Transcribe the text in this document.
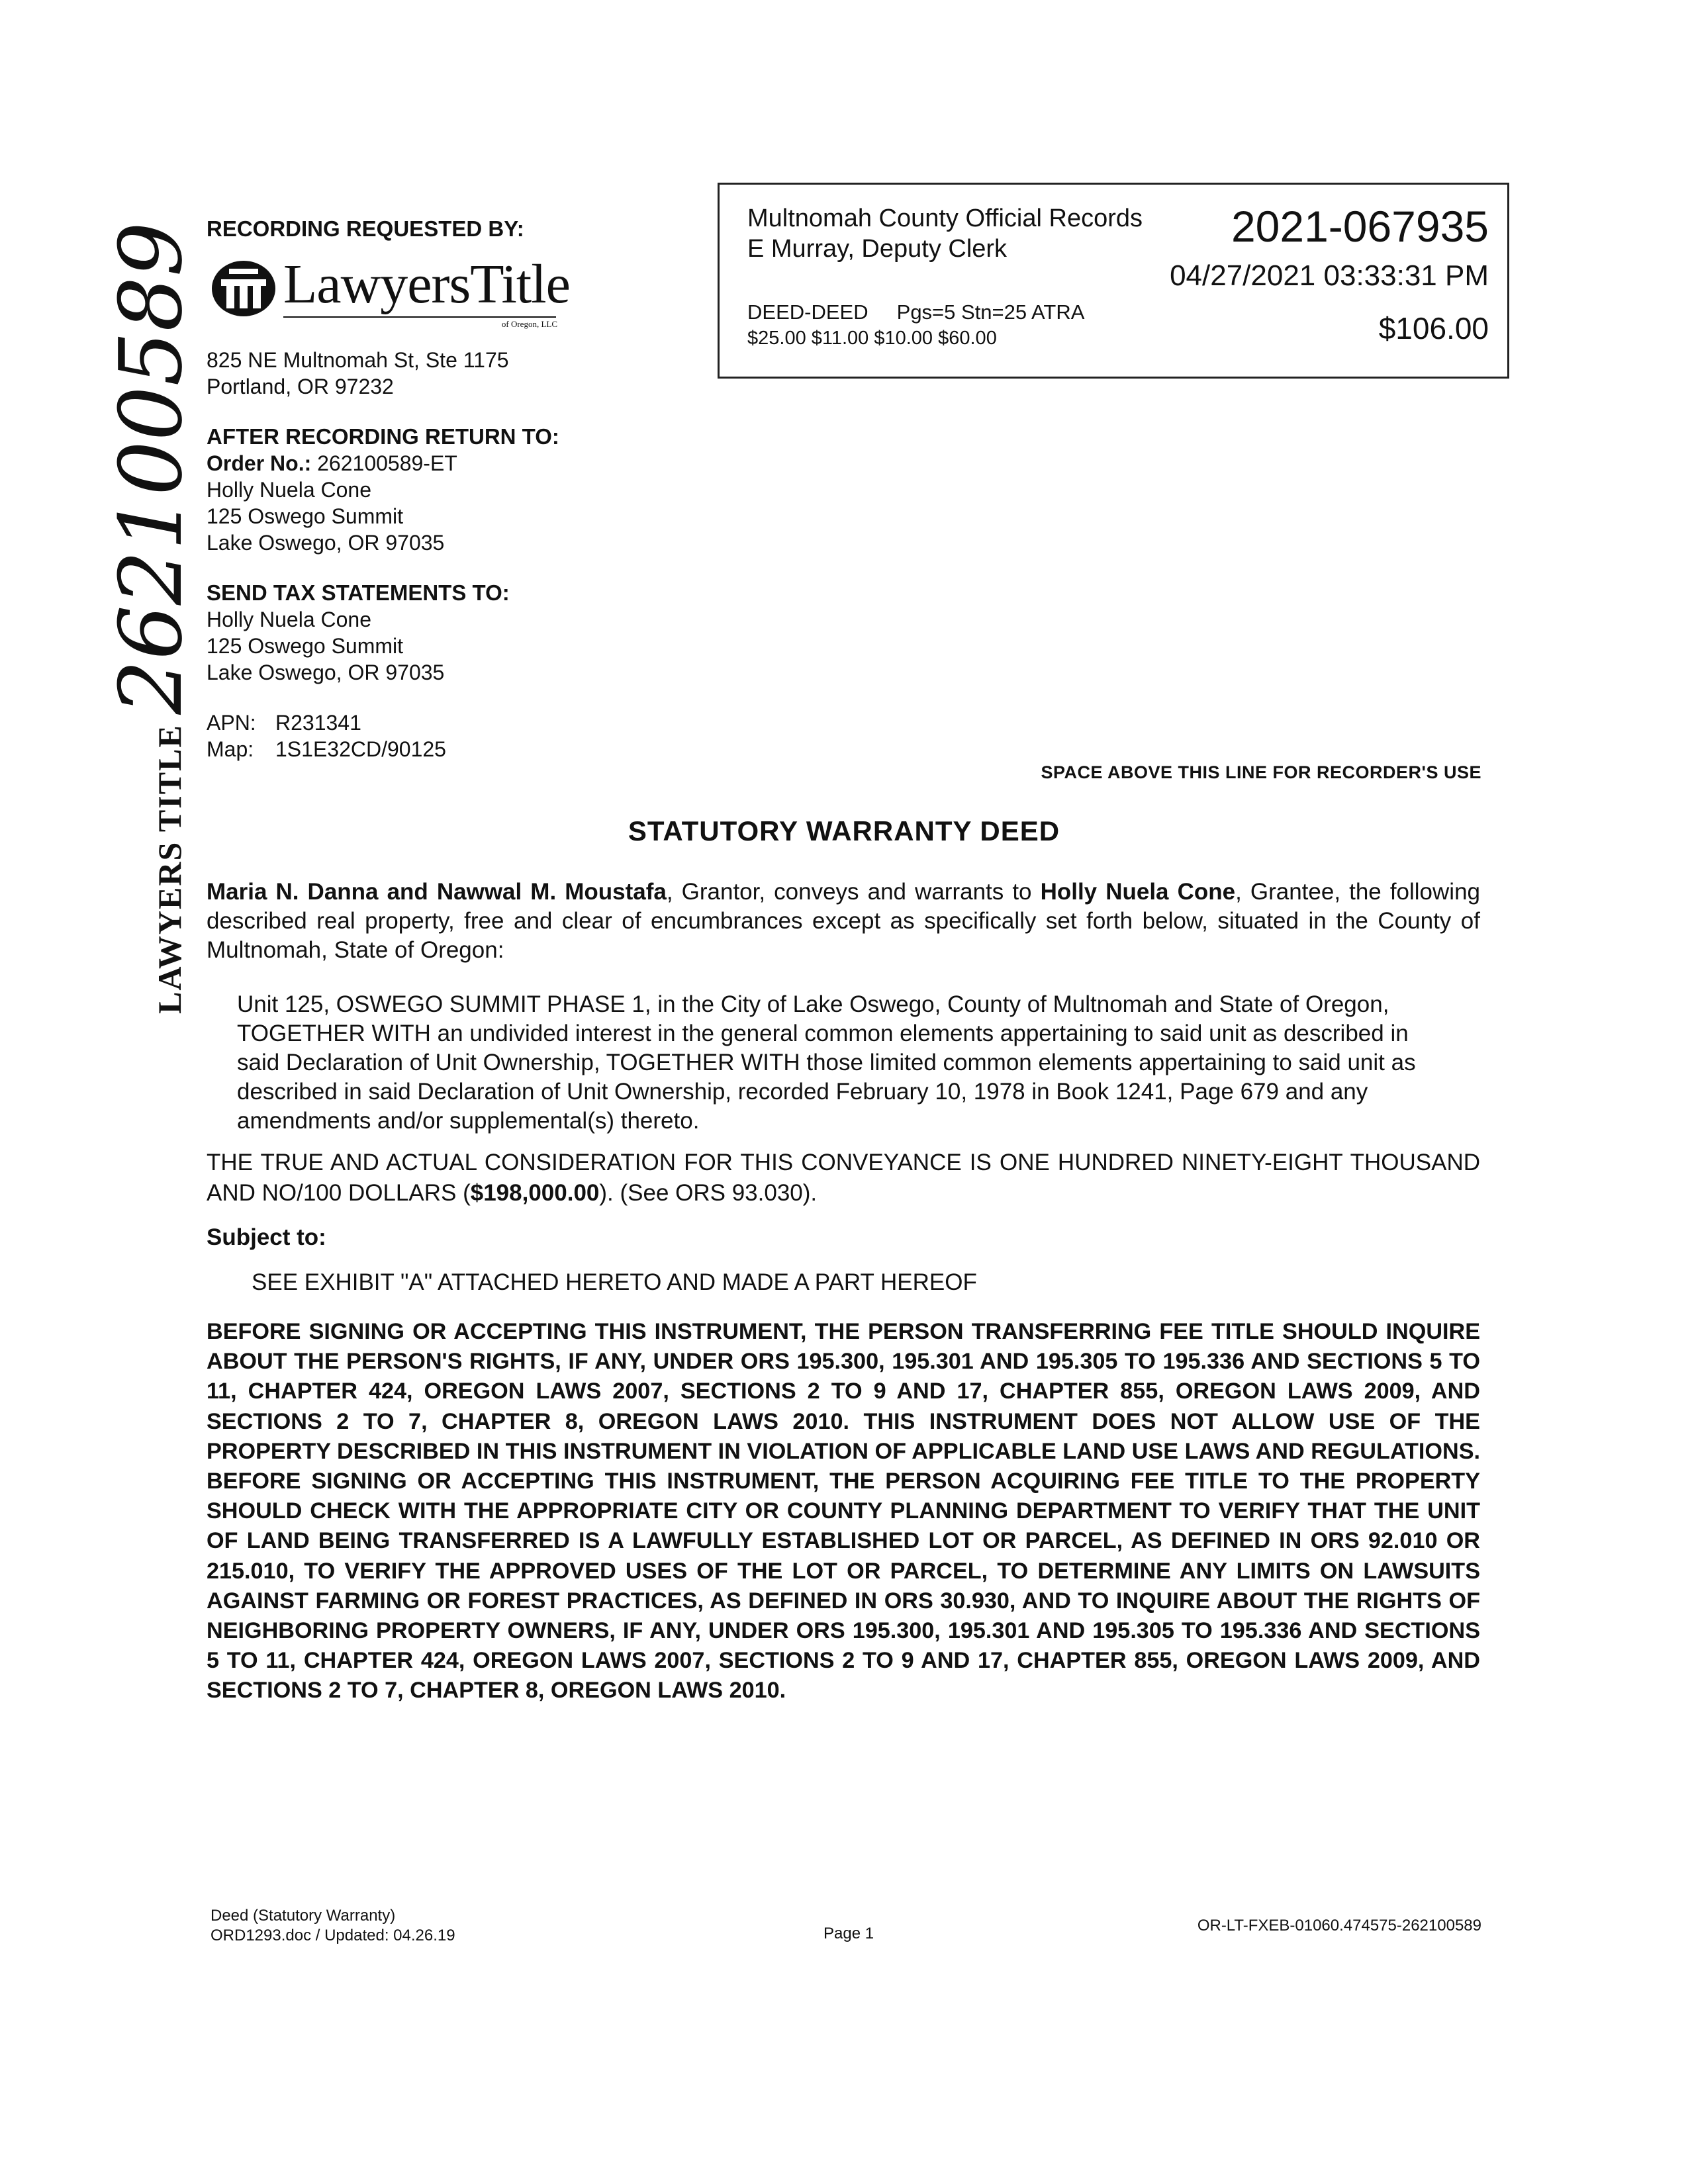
Multnomah County Official Records
E Murray, Deputy Clerk	2021-067935
04/27/2021 03:33:31 PM
DEED-DEED     Pgs=5 Stn=25 ATRA
$25.00 $11.00 $10.00 $60.00	$106.00
RECORDING REQUESTED BY:
LawyersTitle
of Oregon, LLC
825 NE Multnomah St, Ste 1175
Portland, OR 97232
AFTER RECORDING RETURN TO:
Order No.: 262100589-ET
Holly Nuela Cone
125 Oswego Summit
Lake Oswego, OR 97035
SEND TAX STATEMENTS TO:
Holly Nuela Cone
125 Oswego Summit
Lake Oswego, OR 97035
APN: R231341
Map: 1S1E32CD/90125
LAWYERS TITLE 262100589
SPACE ABOVE THIS LINE FOR RECORDER'S USE
STATUTORY WARRANTY DEED
Maria N. Danna and Nawwal M. Moustafa, Grantor, conveys and warrants to Holly Nuela Cone, Grantee, the following described real property, free and clear of encumbrances except as specifically set forth below, situated in the County of Multnomah, State of Oregon:
Unit 125, OSWEGO SUMMIT PHASE 1, in the City of Lake Oswego, County of Multnomah and State of Oregon, TOGETHER WITH an undivided interest in the general common elements appertaining to said unit as described in said Declaration of Unit Ownership, TOGETHER WITH those limited common elements appertaining to said unit as described in said Declaration of Unit Ownership, recorded February 10, 1978 in Book 1241, Page 679 and any amendments and/or supplemental(s) thereto.
THE TRUE AND ACTUAL CONSIDERATION FOR THIS CONVEYANCE IS ONE HUNDRED NINETY-EIGHT THOUSAND AND NO/100 DOLLARS ($198,000.00). (See ORS 93.030).
Subject to:
SEE EXHIBIT "A" ATTACHED HERETO AND MADE A PART HEREOF
BEFORE SIGNING OR ACCEPTING THIS INSTRUMENT, THE PERSON TRANSFERRING FEE TITLE SHOULD INQUIRE ABOUT THE PERSON'S RIGHTS, IF ANY, UNDER ORS 195.300, 195.301 AND 195.305 TO 195.336 AND SECTIONS 5 TO 11, CHAPTER 424, OREGON LAWS 2007, SECTIONS 2 TO 9 AND 17, CHAPTER 855, OREGON LAWS 2009, AND SECTIONS 2 TO 7, CHAPTER 8, OREGON LAWS 2010. THIS INSTRUMENT DOES NOT ALLOW USE OF THE PROPERTY DESCRIBED IN THIS INSTRUMENT IN VIOLATION OF APPLICABLE LAND USE LAWS AND REGULATIONS. BEFORE SIGNING OR ACCEPTING THIS INSTRUMENT, THE PERSON ACQUIRING FEE TITLE TO THE PROPERTY SHOULD CHECK WITH THE APPROPRIATE CITY OR COUNTY PLANNING DEPARTMENT TO VERIFY THAT THE UNIT OF LAND BEING TRANSFERRED IS A LAWFULLY ESTABLISHED LOT OR PARCEL, AS DEFINED IN ORS 92.010 OR 215.010, TO VERIFY THE APPROVED USES OF THE LOT OR PARCEL, TO DETERMINE ANY LIMITS ON LAWSUITS AGAINST FARMING OR FOREST PRACTICES, AS DEFINED IN ORS 30.930, AND TO INQUIRE ABOUT THE RIGHTS OF NEIGHBORING PROPERTY OWNERS, IF ANY, UNDER ORS 195.300, 195.301 AND 195.305 TO 195.336 AND SECTIONS 5 TO 11, CHAPTER 424, OREGON LAWS 2007, SECTIONS 2 TO 9 AND 17, CHAPTER 855, OREGON LAWS 2009, AND SECTIONS 2 TO 7, CHAPTER 8, OREGON LAWS 2010.
Deed (Statutory Warranty)
ORD1293.doc / Updated: 04.26.19	Page 1	OR-LT-FXEB-01060.474575-262100589
